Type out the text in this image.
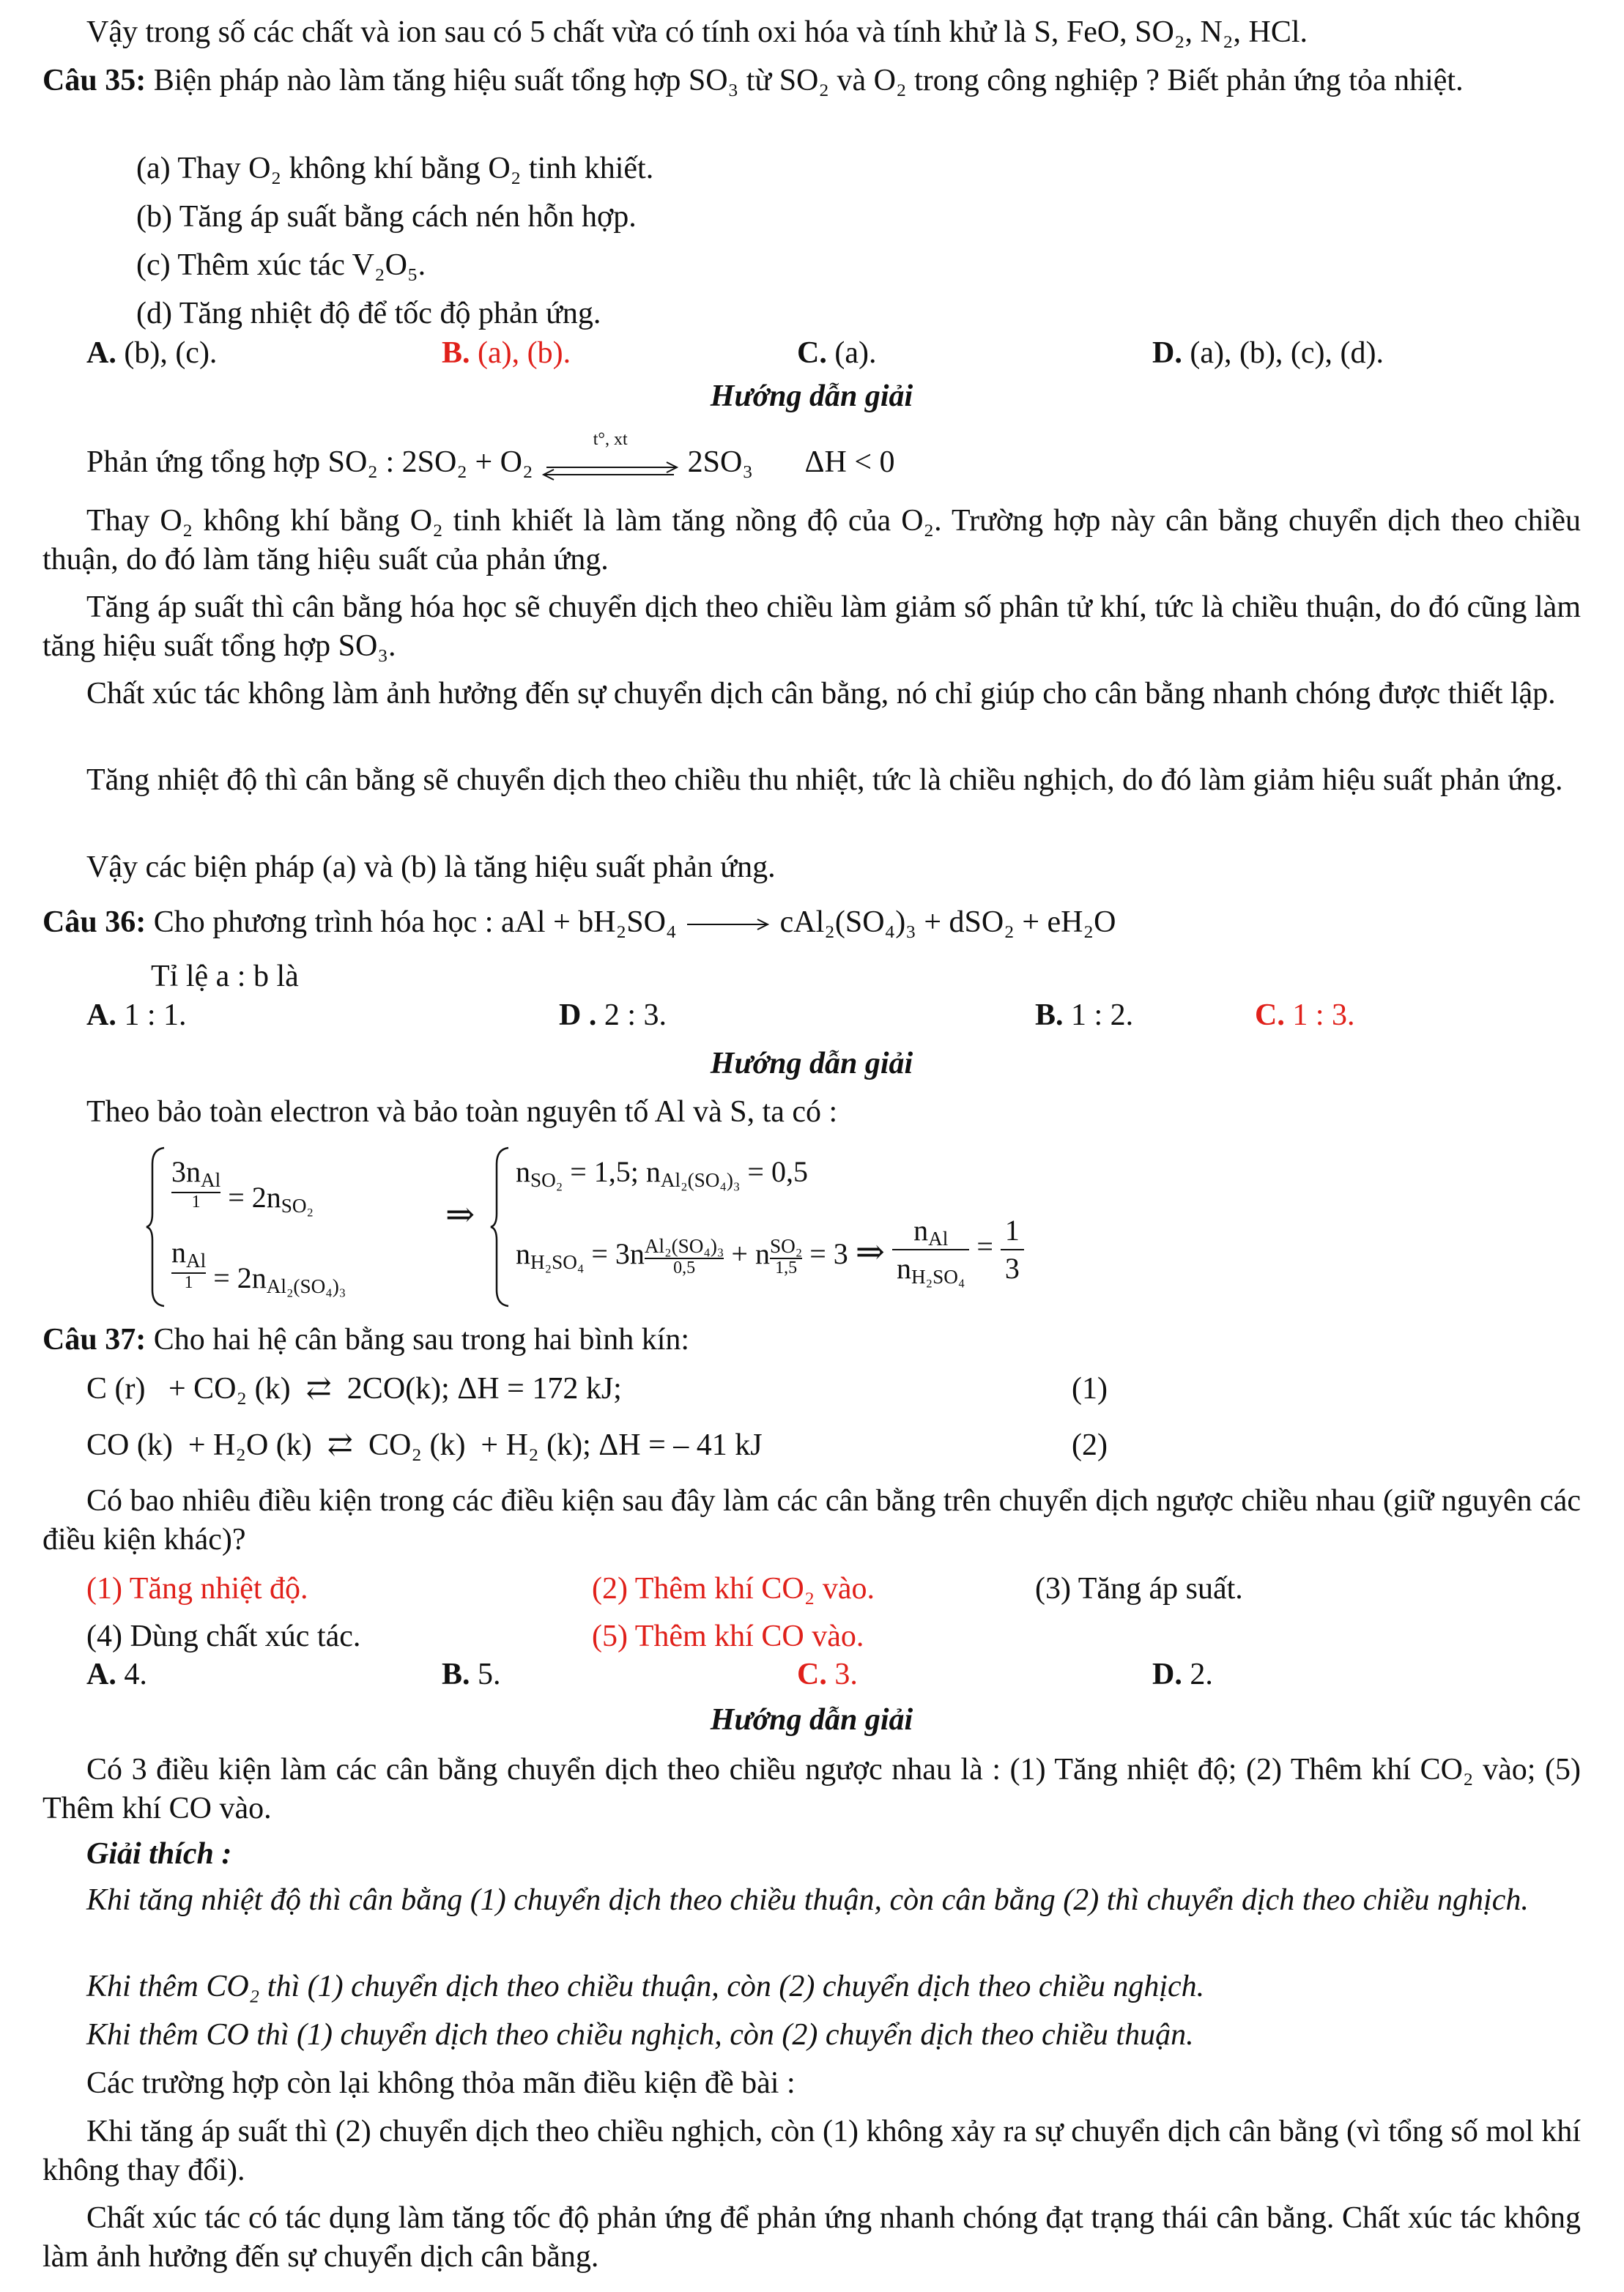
Vậy trong số các chất và ion sau có 5 chất vừa có tính oxi hóa và tính khử là S, FeO, SO₂, N₂, HCl.
Câu 35: Biện pháp nào làm tăng hiệu suất tổng hợp SO₃ từ SO₂ và O₂ trong công nghiệp ? Biết phản ứng tỏa nhiệt.
(a) Thay O₂ không khí bằng O₂ tinh khiết.
(b) Tăng áp suất bằng cách nén hỗn hợp.
(c) Thêm xúc tác V₂O₅.
(d) Tăng nhiệt độ để tốc độ phản ứng.
A. (b), (c).	B. (a), (b).	C. (a).	D. (a), (b), (c), (d).
Hướng dẫn giải
Phản ứng tổng hợp SO₂ : 2SO₂ + O₂
t°, xt
2SO₃ ΔH < 0
Thay O₂ không khí bằng O₂ tinh khiết là làm tăng nồng độ của O₂. Trường hợp này cân bằng chuyển dịch theo chiều thuận, do đó làm tăng hiệu suất của phản ứng.
Tăng áp suất thì cân bằng hóa học sẽ chuyển dịch theo chiều làm giảm số phân tử khí, tức là chiều thuận, do đó cũng làm tăng hiệu suất tổng hợp SO₃.
Chất xúc tác không làm ảnh hưởng đến sự chuyển dịch cân bằng, nó chỉ giúp cho cân bằng nhanh chóng được thiết lập.
Tăng nhiệt độ thì cân bằng sẽ chuyển dịch theo chiều thu nhiệt, tức là chiều nghịch, do đó làm giảm hiệu suất phản ứng.
Vậy các biện pháp (a) và (b) là tăng hiệu suất phản ứng.
Câu 36: Cho phương trình hóa học : aAl + bH₂SO₄	cAl₂(SO₄)₃ + dSO₂ + eH₂O
Tỉ lệ a : b là
A. 1 : 1.	D . 2 : 3.	B. 1 : 2.	C. 1 : 3.
Hướng dẫn giải
Theo bảo toàn electron và bảo toàn nguyên tố Al và S, ta có :
$3n_{Al}$
$1 = 2n_{SO_2}$
$n_{Al}$
$1 = 2n_{Al_2(SO_4)_3}$
⇒
$n_{SO_2} = 1,5$; $n_{Al_2(SO_4)_3} = 0,5$
$n_{H_2SO_4} = 3n\frac{_{Al_2(SO_4)_3}}{0,5} + n\frac{_{SO_2}}{1,5} = 3$ ⇒ $\frac{n_{Al}}{n_{H_2SO_4}} = \frac{1}{3}$
Câu 37: Cho hai hệ cân bằng sau trong hai bình kín:
C (r)   + CO₂ (k)  ⇄  2CO(k); ΔH = 172 kJ;	(1)
CO (k)  + H₂O (k)  ⇄  CO₂ (k)  + H₂ (k); ΔH = – 41 kJ	(2)
Có bao nhiêu điều kiện trong các điều kiện sau đây làm các cân bằng trên chuyển dịch ngược chiều nhau (giữ nguyên các điều kiện khác)?
(1) Tăng nhiệt độ.	(2) Thêm khí CO₂ vào.	(3) Tăng áp suất.
(4) Dùng chất xúc tác.	(5) Thêm khí CO vào.
A. 4.	B. 5.	C. 3.	D. 2.
Hướng dẫn giải
Có 3 điều kiện làm các cân bằng chuyển dịch theo chiều ngược nhau là : (1) Tăng nhiệt độ; (2) Thêm khí CO₂ vào; (5) Thêm khí CO vào.
Giải thích :
Khi tăng nhiệt độ thì cân bằng (1) chuyển dịch theo chiều thuận, còn cân bằng (2) thì chuyển dịch theo chiều nghịch.
Khi thêm CO₂ thì (1) chuyển dịch theo chiều thuận, còn (2) chuyển dịch theo chiều nghịch.
Khi thêm CO thì (1) chuyển dịch theo chiều nghịch, còn (2) chuyển dịch theo chiều thuận.
Các trường hợp còn lại không thỏa mãn điều kiện đề bài :
Khi tăng áp suất thì (2) chuyển dịch theo chiều nghịch, còn (1) không xảy ra sự chuyển dịch cân bằng (vì tổng số mol khí không thay đổi).
Chất xúc tác có tác dụng làm tăng tốc độ phản ứng để phản ứng nhanh chóng đạt trạng thái cân bằng. Chất xúc tác không làm ảnh hưởng đến sự chuyển dịch cân bằng.
